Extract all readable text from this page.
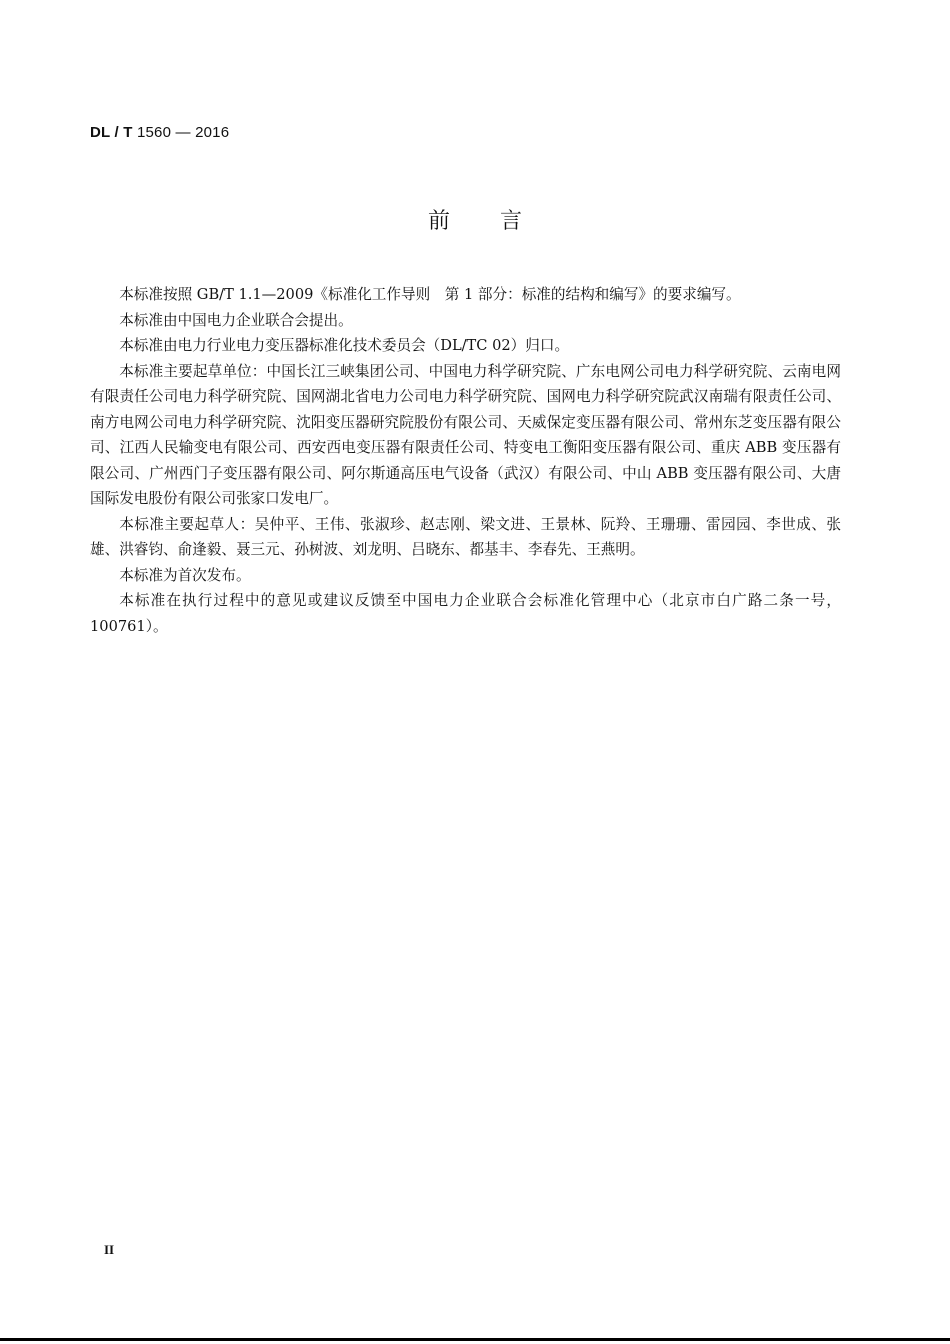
DL / T 1560 — 2016
前言

本标准按照 GB/T 1.1—2009《标准化工作导则　第 1 部分：标准的结构和编写》的要求编写。

本标准由中国电力企业联合会提出。

本标准由电力行业电力变压器标准化技术委员会（DL/TC 02）归口。

本标准主要起草单位：中国长江三峡集团公司、中国电力科学研究院、广东电网公司电力科学研究院、云南电网有限责任公司电力科学研究院、国网湖北省电力公司电力科学研究院、国网电力科学研究院武汉南瑞有限责任公司、南方电网公司电力科学研究院、沈阳变压器研究院股份有限公司、天威保定变压器有限公司、常州东芝变压器有限公司、江西人民输变电有限公司、西安西电变压器有限责任公司、特变电工衡阳变压器有限公司、重庆 ABB 变压器有限公司、广州西门子变压器有限公司、阿尔斯通高压电气设备（武汉）有限公司、中山 ABB 变压器有限公司、大唐国际发电股份有限公司张家口发电厂。

本标准主要起草人：吴仲平、王伟、张淑珍、赵志刚、梁文进、王景林、阮羚、王珊珊、雷园园、李世成、张雄、洪睿钧、俞逢毅、聂三元、孙树波、刘龙明、吕晓东、都基丰、李春先、王燕明。

本标准为首次发布。

本标准在执行过程中的意见或建议反馈至中国电力企业联合会标准化管理中心（北京市白广路二条一号，100761）。

II
